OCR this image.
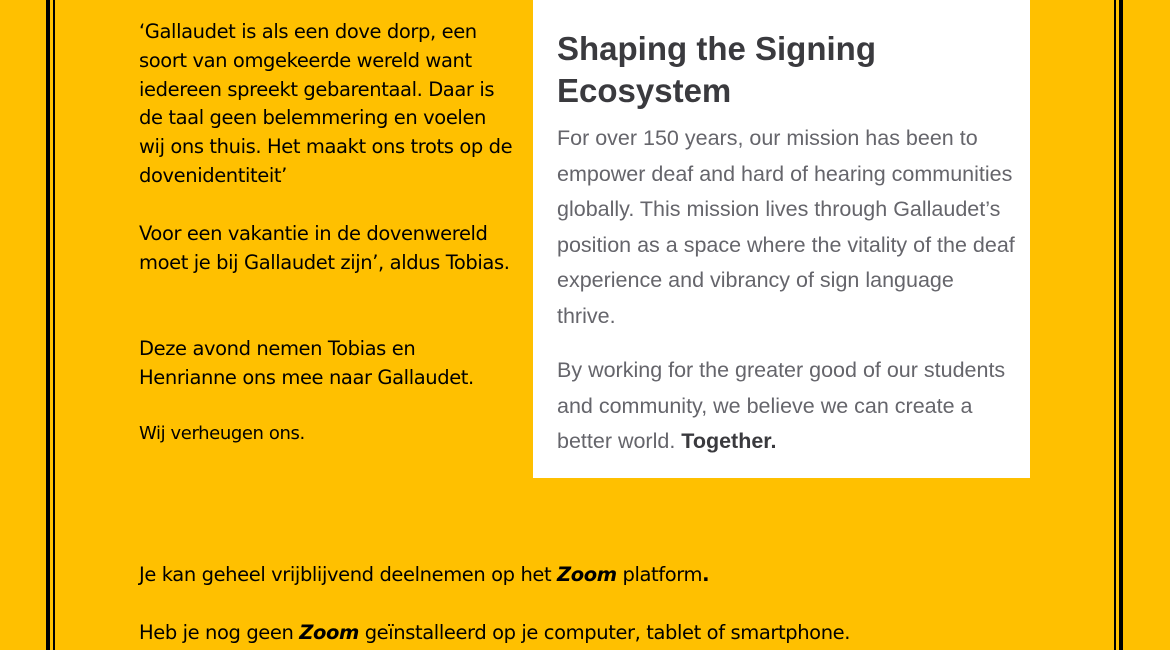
‘Gallaudet is als een dove dorp, een soort van omgekeerde wereld want iedereen spreekt gebarentaal. Daar is de taal geen belemmering en voelen wij ons thuis. Het maakt ons trots op de dovenidentiteit’

Voor een vakantie in de dovenwereld moet je bij Gallaudet zijn’, aldus Tobias.

Deze avond nemen Tobias en Henrianne ons mee naar Gallaudet.

Wij verheugen ons.

Shaping the Signing Ecosystem

For over 150 years, our mission has been to empower deaf and hard of hearing communities globally. This mission lives through Gallaudet’s position as a space where the vitality of the deaf experience and vibrancy of sign language thrive.

By working for the greater good of our students and community, we believe we can create a better world. Together.

Je kan geheel vrijblijvend deelnemen op het Zoom platform.
Heb je nog geen Zoom geïnstalleerd op je computer, tablet of smartphone.
